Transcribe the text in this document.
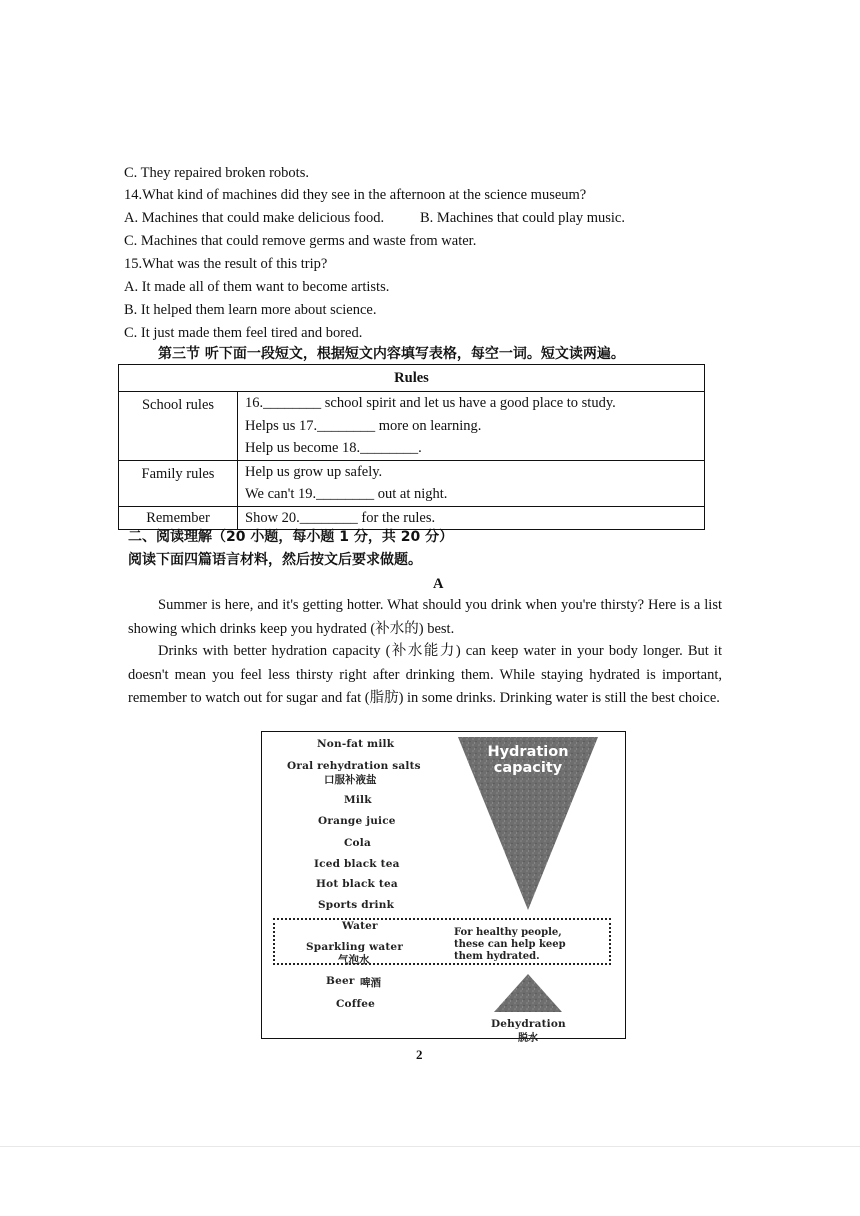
C. They repaired broken robots.
14.What kind of machines did they see in the afternoon at the science museum?
A. Machines that could make delicious food. B. Machines that could play music.
C. Machines that could remove germs and waste from water.
15.What was the result of this trip?
A. It made all of them want to become artists.
B. It helped them learn more about science.
C. It just made them feel tired and bored.
第三节 听下面一段短文，根据短文内容填写表格，每空一词。短文读两遍。
Rules	
School rules	16.________ school spirit and let us have a good place to study.
Helps us 17.________ more on learning.
Help us become 18.________.

Family rules	Help us grow up safely.
We can't 19.________ out at night.

Remember	Show 20.________ for the rules.
二、阅读理解（20 小题，每小题 1 分，共 20 分）
阅读下面四篇语言材料，然后按文后要求做题。
A
Summer is here, and it's getting hotter. What should you drink when you're thirsty? Here is a list showing which drinks keep you hydrated (补水的) best.
Drinks with better hydration capacity (补水能力) can keep water in your body longer. But it doesn't mean you feel less thirsty right after drinking them. While staying hydrated is important, remember to watch out for sugar and fat (脂肪) in some drinks. Drinking water is still the best choice.
Hydration capacity
Non-fat milk
Oral rehydration salts
口服补液盐
Milk
Orange juice
Cola
Iced black tea
Hot black tea
Sports drink
Water
Sparkling water
气泡水
For healthy people,
these can help keep
them hydrated.
Beer 啤酒
Coffee
Dehydration
脱水
2
